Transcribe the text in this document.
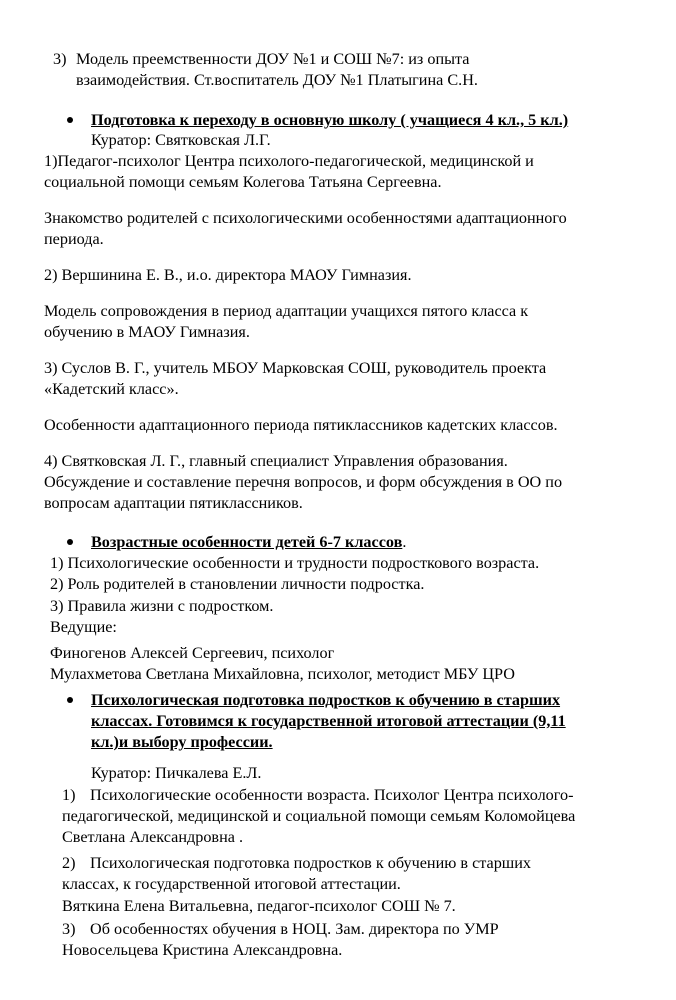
3) Модель преемственности ДОУ №1 и СОШ №7: из опыта
взаимодействия. Ст.воспитатель ДОУ №1 Платыгина С.Н.
Подготовка к переходу в основную школу ( учащиеся 4 кл., 5 кл.)
Куратор: Святковская Л.Г.
1)Педагог-психолог Центра психолого-педагогической, медицинской и
социальной помощи семьям Колегова Татьяна Сергеевна.
Знакомство родителей с психологическими особенностями адаптационного
периода.
2) Вершинина Е. В., и.о. директора МАОУ Гимназия.
Модель сопровождения в период адаптации учащихся пятого класса к
обучению в МАОУ Гимназия.
3) Суслов В. Г., учитель МБОУ Марковская СОШ, руководитель проекта
«Кадетский класс».
Особенности адаптационного периода пятиклассников кадетских классов.
4) Святковская Л. Г., главный специалист Управления образования.
Обсуждение и составление перечня вопросов, и форм обсуждения в ОО по
вопросам адаптации пятиклассников.
Возрастные особенности детей 6-7 классов.
1) Психологические особенности и трудности подросткового возраста.
2) Роль родителей в становлении личности подростка.
3) Правила жизни с подростком.
Ведущие:
Финогенов Алексей Сергеевич, психолог
Мулахметова Светлана Михайловна, психолог, методист МБУ ЦРО
Психологическая подготовка подростков к обучению в старших
классах. Готовимся к государственной итоговой аттестации (9,11
кл.)и выбору профессии.
Куратор: Пичкалева Е.Л.
1) Психологические особенности возраста. Психолог Центра психолого-
педагогической, медицинской и социальной помощи семьям Коломойцева
Светлана Александровна .
2) Психологическая подготовка подростков к обучению в старших
классах, к государственной итоговой аттестации.
Вяткина Елена Витальевна, педагог-психолог СОШ № 7.
3) Об особенностях обучения в НОЦ. Зам. директора по УМР
Новосельцева Кристина Александровна.
